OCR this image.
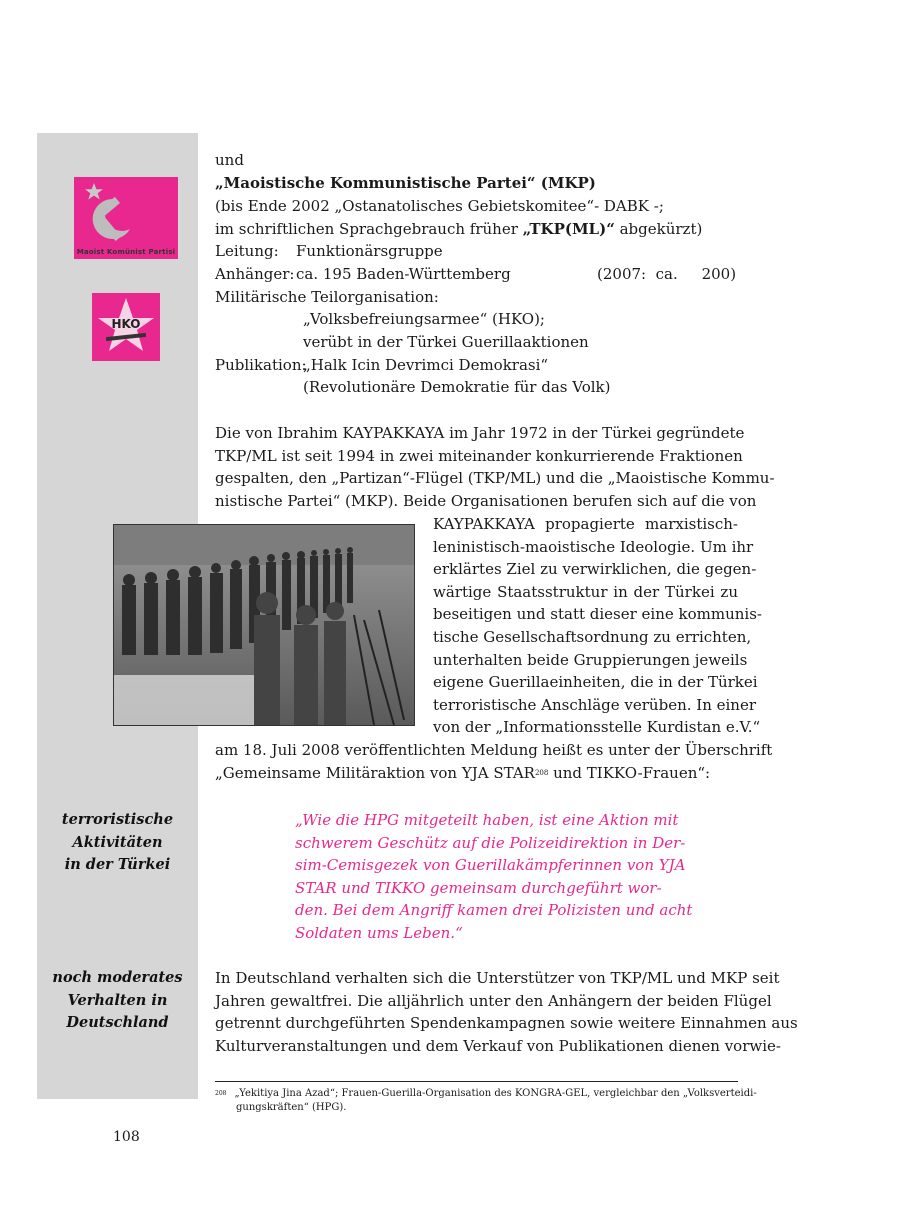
Maoist Komünist Partisi
HKO
und
„Maoistische Kommunistische Partei“ (MKP)
(bis Ende 2002 „Ostanatolisches Gebietskomitee“- DABK -;
im schriftlichen Sprachgebrauch früher „TKP(ML)“ abgekürzt)
Leitung: Funktionärsgruppe
Anhänger: ca. 195 Baden-Württemberg	(2007:  ca.     200)
Militärische Teilorganisation:
„Volksbefreiungsarmee“ (HKO);
verübt in der Türkei Guerillaaktionen
Publikation:
„Halk Icin Devrimci Demokrasi“
(Revolutionäre Demokratie für das Volk)
Die von Ibrahim KAYPAKKAYA im Jahr 1972 in der Türkei gegründete
TKP/ML ist seit 1994 in zwei miteinander konkurrierende Fraktionen
gespalten, den „Partizan“-Flügel (TKP/ML) und die „Maoistische Kommu-
nistische Partei“ (MKP). Beide Organisationen berufen sich auf die von
KAYPAKKAYA propagierte marxistisch-
leninistisch-maoistische Ideologie. Um ihr
erklärtes Ziel zu verwirklichen, die gegen-
wärtige Staatsstruktur in der Türkei zu
beseitigen und statt dieser eine kommunis-
tische Gesellschaftsordnung zu errichten,
unterhalten beide Gruppierungen jeweils
eigene Guerillaeinheiten, die in der Türkei
terroristische Anschläge verüben. In einer
von der „Informationsstelle Kurdistan e.V.“
am 18. Juli 2008 veröffentlichten Meldung heißt es unter der Überschrift
„Gemeinsame Militäraktion von YJA STAR$^{208}$ und TIKKO-Frauen“:
terroristische
Aktivitäten
in der Türkei
„Wie die HPG mitgeteilt haben, ist eine Aktion mit
schwerem Geschütz auf die Polizeidirektion in Der-
sim-Cemisgezek von Guerillakämpferinnen von YJA
STAR und TIKKO gemeinsam durchgeführt wor-
den. Bei dem Angriff kamen drei Polizisten und acht
Soldaten ums Leben.“
noch moderates
Verhalten in
Deutschland
In Deutschland verhalten sich die Unterstützer von TKP/ML und MKP seit
Jahren gewaltfrei. Die alljährlich unter den Anhängern der beiden Flügel
getrennt durchgeführten Spendenkampagnen sowie weitere Einnahmen aus
Kulturveranstaltungen und dem Verkauf von Publikationen dienen vorwie-
$^{208}$ „Yekitiya Jina Azad“; Frauen-Guerilla-Organisation des KONGRA-GEL, vergleichbar den „Volksverteidi-
gungskräften“ (HPG).
108
